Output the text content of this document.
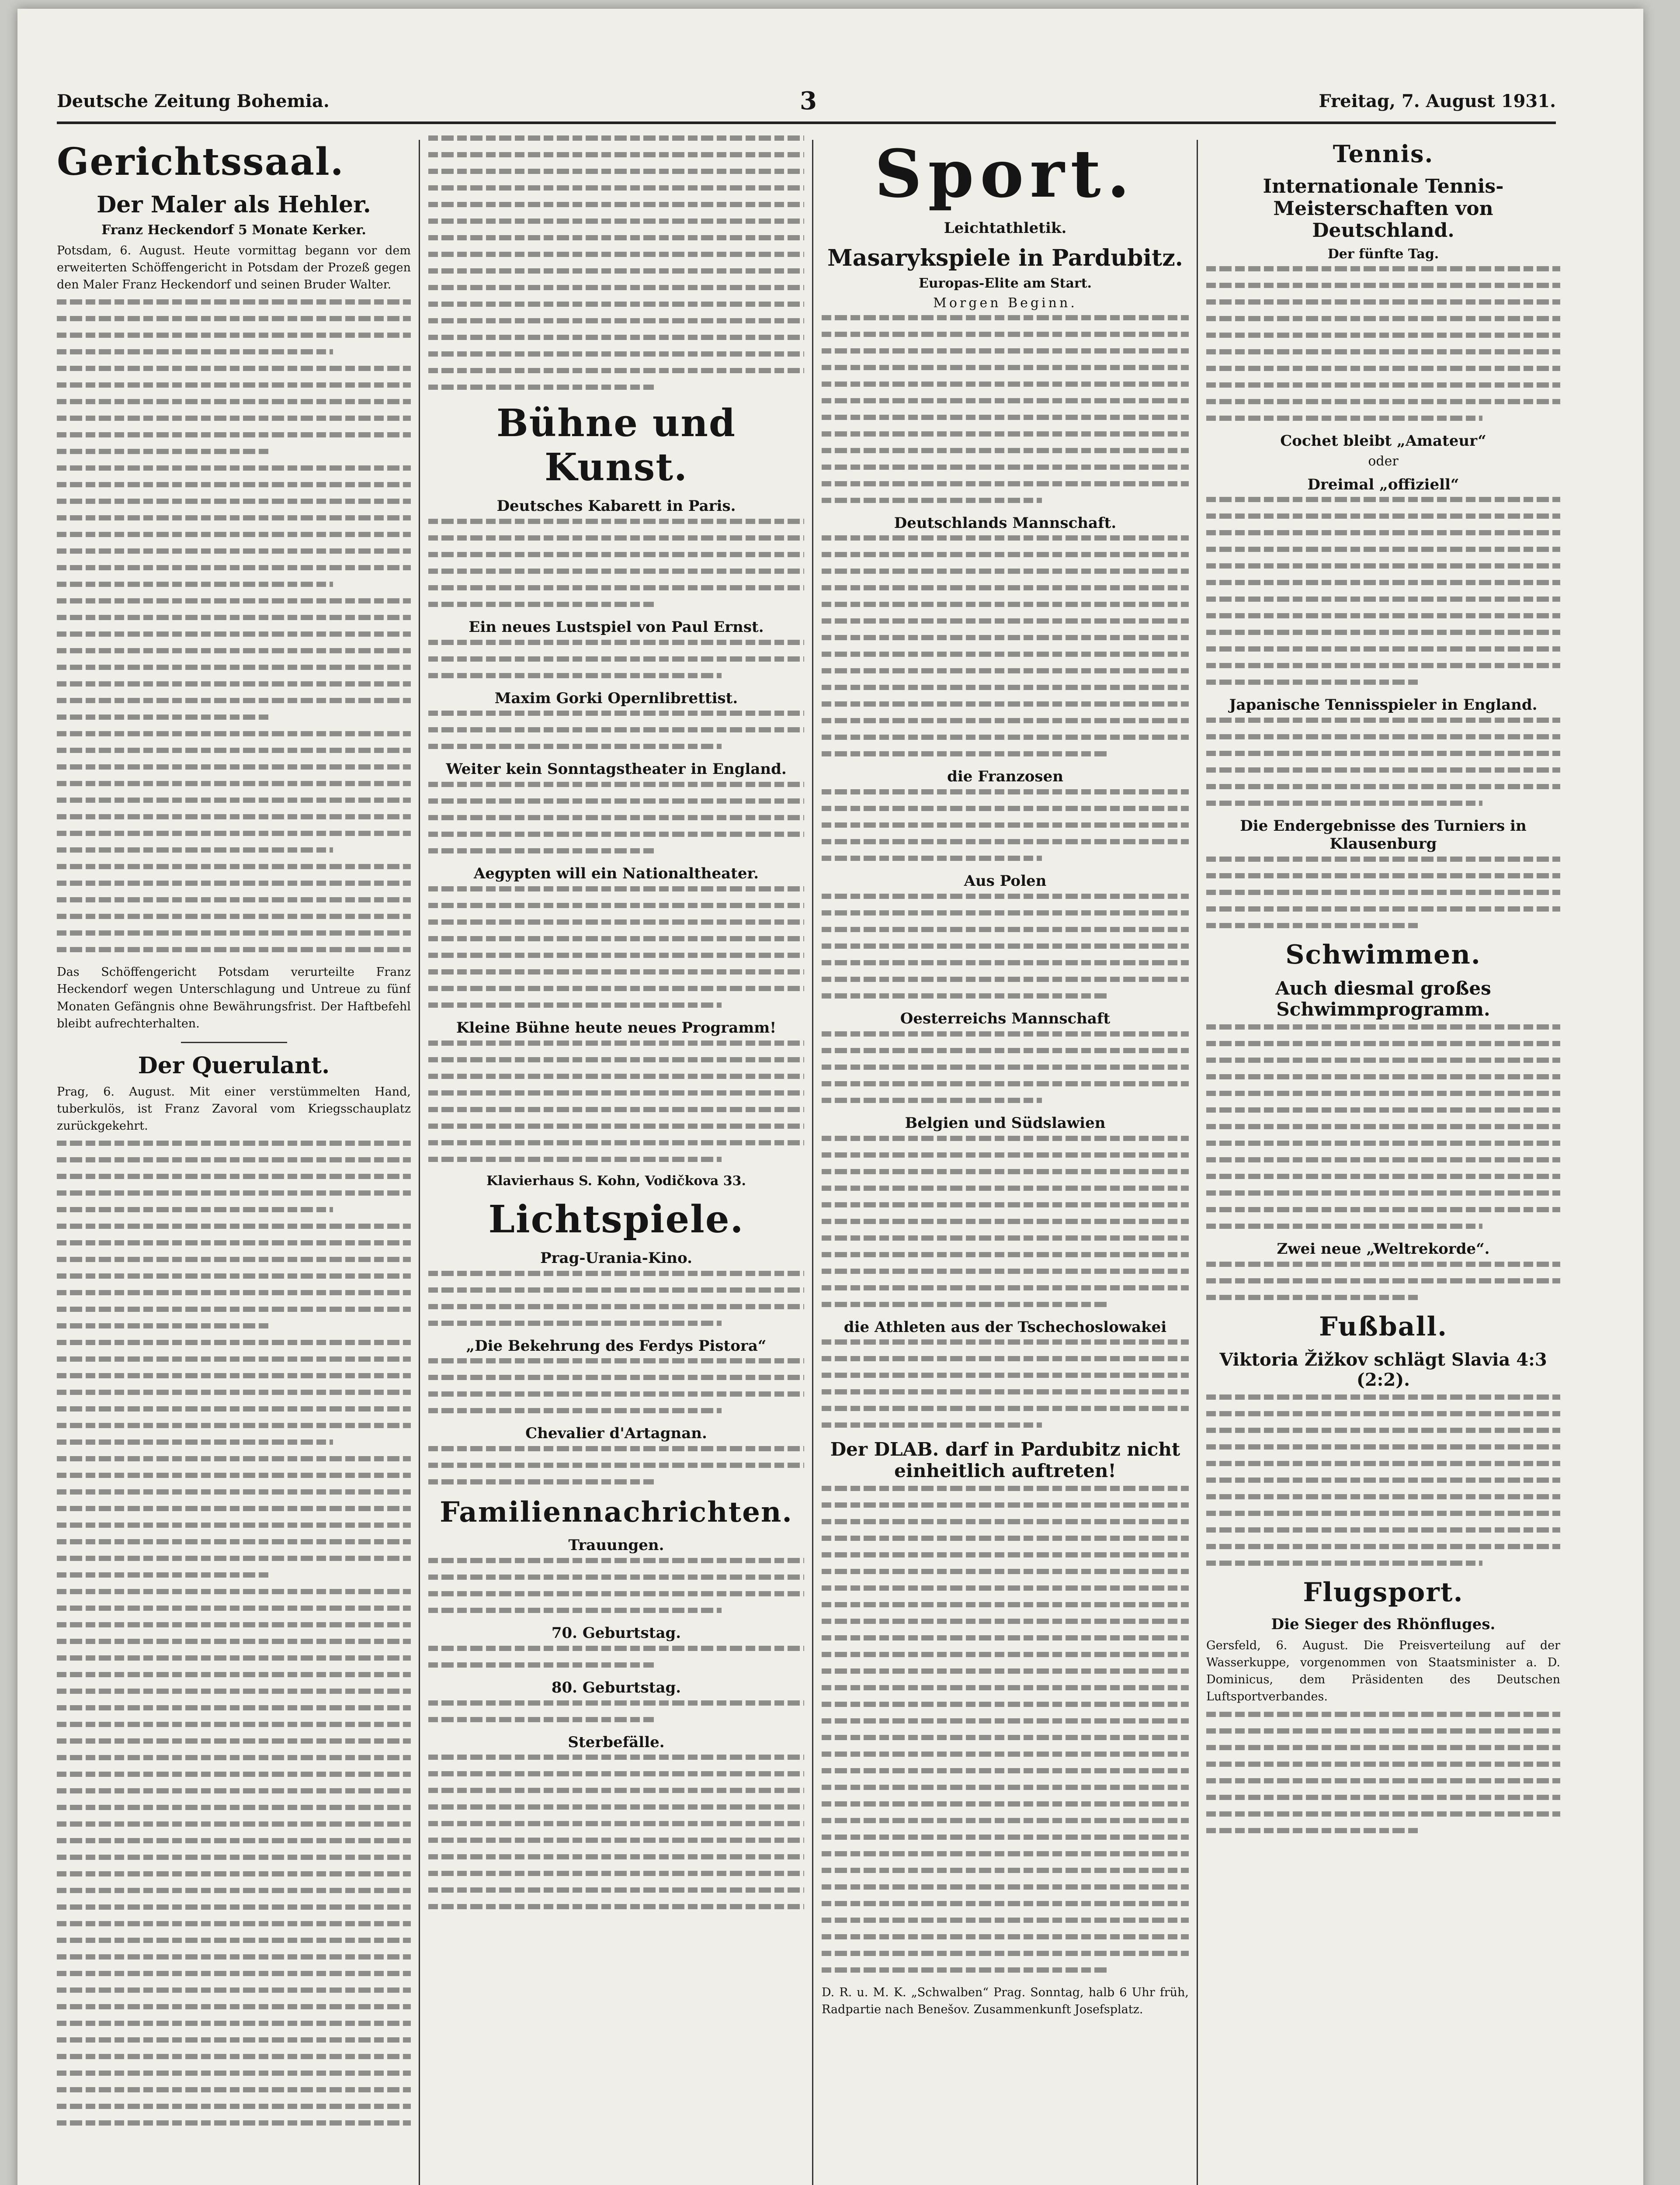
Deutsche Zeitung Bohemia.	3	Freitag, 7. August 1931.
Gerichtssaal.
Der Maler als Hehler.
Franz Heckendorf 5 Monate Kerker.

Potsdam, 6. August. Heute vormittag begann vor dem erweiterten Schöffengericht in Potsdam der Prozeß gegen den Maler Franz Heckendorf und seinen Bruder Walter.

Das Schöffengericht Potsdam verurteilte Franz Heckendorf wegen Unterschlagung und Untreue zu fünf Monaten Gefängnis ohne Bewährungsfrist. Der Haftbefehl bleibt aufrechterhalten.

Der Querulant.

Prag, 6. August. Mit einer verstümmelten Hand, tuberkulös, ist Franz Zavoral vom Kriegsschauplatz zurückgekehrt.

Bühne und Kunst.
Deutsches Kabarett in Paris.
Ein neues Lustspiel von Paul Ernst.
Maxim Gorki Opernlibrettist.
Weiter kein Sonntagstheater in England.
Aegypten will ein Nationaltheater.
Kleine Bühne heute neues Programm!
Klavierhaus S. Kohn, Vodičkova 33.
Lichtspiele.
Prag-Urania-Kino.
„Die Bekehrung des Ferdys Pistora“
Chevalier d'Artagnan.
Familiennachrichten.
Trauungen.
70. Geburtstag.
80. Geburtstag.
Sterbefälle.
Sport.
Leichtathletik.
Masarykspiele in Pardubitz.
Europas-Elite am Start.
Morgen Beginn.
Deutschlands Mannschaft.
die Franzosen
Aus Polen
Oesterreichs Mannschaft
Belgien und Südslawien
die Athleten aus der Tschechoslowakei
Der DLAB. darf in Pardubitz nicht einheitlich auftreten!

D. R. u. M. K. „Schwalben“ Prag. Sonntag, halb 6 Uhr früh, Radpartie nach Benešov. Zusammenkunft Josefsplatz.

Tennis.
Internationale Tennis-Meisterschaften von Deutschland.
Der fünfte Tag.
Cochet bleibt „Amateur“
oder
Dreimal „offiziell“
Japanische Tennisspieler in England.
Die Endergebnisse des Turniers in Klausenburg
Schwimmen.
Auch diesmal großes Schwimmprogramm.
Zwei neue „Weltrekorde“.
Fußball.
Viktoria Žižkov schlägt Slavia 4:3 (2:2).
Flugsport.
Die Sieger des Rhönfluges.

Gersfeld, 6. August. Die Preisverteilung auf der Wasserkuppe, vorgenommen von Staatsminister a. D. Dominicus, dem Präsidenten des Deutschen Luftsportverbandes.
